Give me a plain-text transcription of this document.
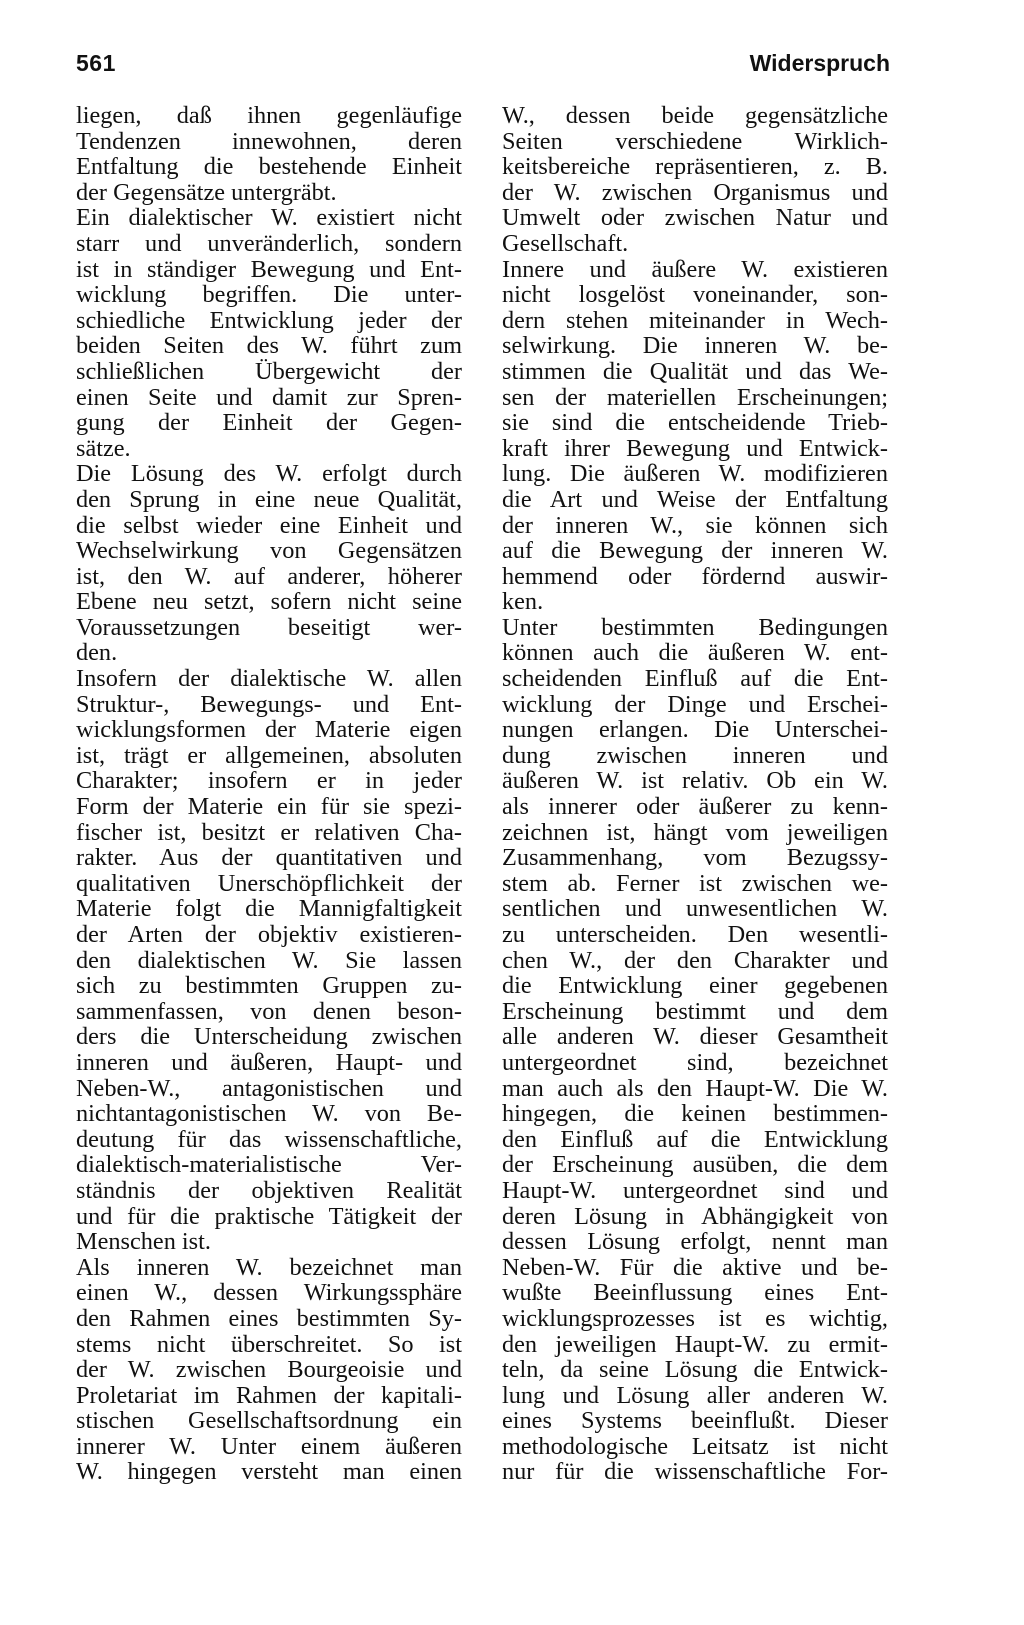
561	Widerspruch
liegen, daß ihnen gegenläufige
Tendenzen innewohnen, deren
Entfaltung die bestehende Einheit
der Gegensätze untergräbt.
Ein dialektischer W. existiert nicht
starr und unveränderlich, sondern
ist in ständiger Bewegung und Ent-
wicklung begriffen. Die unter-
schiedliche Entwicklung jeder der
beiden Seiten des W. führt zum
schließlichen Übergewicht der
einen Seite und damit zur Spren-
gung der Einheit der Gegen-
sätze.
Die Lösung des W. erfolgt durch
den Sprung in eine neue Qualität,
die selbst wieder eine Einheit und
Wechselwirkung von Gegensätzen
ist, den W. auf anderer, höherer
Ebene neu setzt, sofern nicht seine
Voraussetzungen beseitigt wer-
den.
Insofern der dialektische W. allen
Struktur-, Bewegungs- und Ent-
wicklungsformen der Materie eigen
ist, trägt er allgemeinen, absoluten
Charakter; insofern er in jeder
Form der Materie ein für sie spezi-
fischer ist, besitzt er relativen Cha-
rakter. Aus der quantitativen und
qualitativen Unerschöpflichkeit der
Materie folgt die Mannigfaltigkeit
der Arten der objektiv existieren-
den dialektischen W. Sie lassen
sich zu bestimmten Gruppen zu-
sammenfassen, von denen beson-
ders die Unterscheidung zwischen
inneren und äußeren, Haupt- und
Neben-W., antagonistischen und
nichtantagonistischen W. von Be-
deutung für das wissenschaftliche,
dialektisch-materialistische Ver-
ständnis der objektiven Realität
und für die praktische Tätigkeit der
Menschen ist.
Als inneren W. bezeichnet man
einen W., dessen Wirkungssphäre
den Rahmen eines bestimmten Sy-
stems nicht überschreitet. So ist
der W. zwischen Bourgeoisie und
Proletariat im Rahmen der kapitali-
stischen Gesellschaftsordnung ein
innerer W. Unter einem äußeren
W. hingegen versteht man einen
W., dessen beide gegensätzliche
Seiten verschiedene Wirklich-
keitsbereiche repräsentieren, z. B.
der W. zwischen Organismus und
Umwelt oder zwischen Natur und
Gesellschaft.
Innere und äußere W. existieren
nicht losgelöst voneinander, son-
dern stehen miteinander in Wech-
selwirkung. Die inneren W. be-
stimmen die Qualität und das We-
sen der materiellen Erscheinungen;
sie sind die entscheidende Trieb-
kraft ihrer Bewegung und Entwick-
lung. Die äußeren W. modifizieren
die Art und Weise der Entfaltung
der inneren W., sie können sich
auf die Bewegung der inneren W.
hemmend oder fördernd auswir-
ken.
Unter bestimmten Bedingungen
können auch die äußeren W. ent-
scheidenden Einfluß auf die Ent-
wicklung der Dinge und Erschei-
nungen erlangen. Die Unterschei-
dung zwischen inneren und
äußeren W. ist relativ. Ob ein W.
als innerer oder äußerer zu kenn-
zeichnen ist, hängt vom jeweiligen
Zusammenhang, vom Bezugssy-
stem ab. Ferner ist zwischen we-
sentlichen und unwesentlichen W.
zu unterscheiden. Den wesentli-
chen W., der den Charakter und
die Entwicklung einer gegebenen
Erscheinung bestimmt und dem
alle anderen W. dieser Gesamtheit
untergeordnet sind, bezeichnet
man auch als den Haupt-W. Die W.
hingegen, die keinen bestimmen-
den Einfluß auf die Entwicklung
der Erscheinung ausüben, die dem
Haupt-W. untergeordnet sind und
deren Lösung in Abhängigkeit von
dessen Lösung erfolgt, nennt man
Neben-W. Für die aktive und be-
wußte Beeinflussung eines Ent-
wicklungsprozesses ist es wichtig,
den jeweiligen Haupt-W. zu ermit-
teln, da seine Lösung die Entwick-
lung und Lösung aller anderen W.
eines Systems beeinflußt. Dieser
methodologische Leitsatz ist nicht
nur für die wissenschaftliche For-
